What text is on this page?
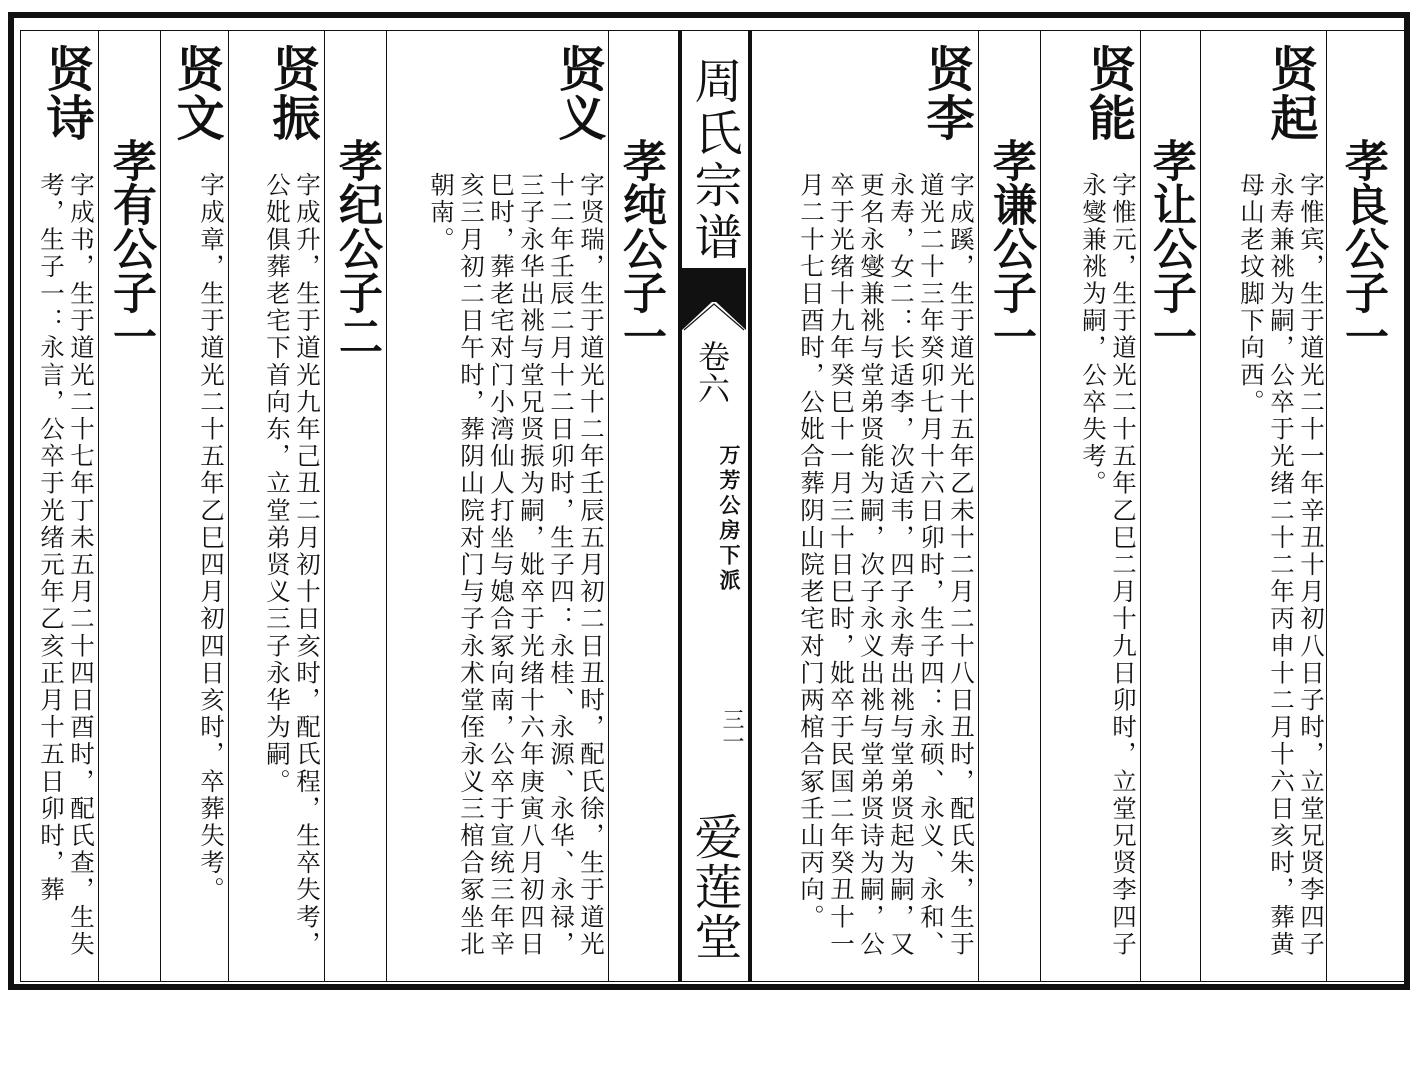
周氏宗谱
卷六
万芳公房下派
三一
爱莲堂
孝良公子一
贤起
字惟宾，生于道光二十一年辛丑十月初八日子时，立堂兄贤李四子永寿兼祧为嗣，公卒于光绪二十二年丙申十二月十六日亥时，葬黄母山老坟脚下向西。
孝让公子一
贤能
字惟元，生于道光二十五年乙巳二月十九日卯时，立堂兄贤李四子永燮兼祧为嗣，公卒失考。
孝谦公子一
贤李
字成蹊，生于道光十五年乙未十二月二十八日丑时，配氏朱，生于道光二十三年癸卯七月十六日卯时，生子四：永硕、永义、永和、永寿，女二：长适李，次适韦，四子永寿出祧与堂弟贤起为嗣，又更名永燮兼祧与堂弟贤能为嗣，次子永义出祧与堂弟贤诗为嗣，公卒于光绪十九年癸巳十一月三十日巳时，妣卒于民国二年癸丑十一月二十七日酉时，公妣合葬阴山院老宅对门两棺合冢壬山丙向。
孝纯公子一
贤义
字贤瑞，生于道光十二年壬辰五月初二日丑时，配氏徐，生于道光十二年壬辰二月十二日卯时，生子四：永桂、永源、永华、永禄，三子永华出祧与堂兄贤振为嗣，妣卒于光绪十六年庚寅八月初四日巳时，葬老宅对门小湾仙人打坐与媳合冢向南，公卒于宣统三年辛亥三月初二日午时，葬阴山院对门与子永术堂侄永义三棺合冢坐北朝南。
孝纪公子二
贤振
字成升，生于道光九年己丑二月初十日亥时，配氏程，生卒失考，公妣俱葬老宅下首向东，立堂弟贤义三子永华为嗣。
贤文
字成章，生于道光二十五年乙巳四月初四日亥时，卒葬失考。
孝有公子一
贤诗
字成书，生于道光二十七年丁未五月二十四日酉时，配氏查，生失考，生子一：永言，公卒于光绪元年乙亥正月十五日卯时，葬
